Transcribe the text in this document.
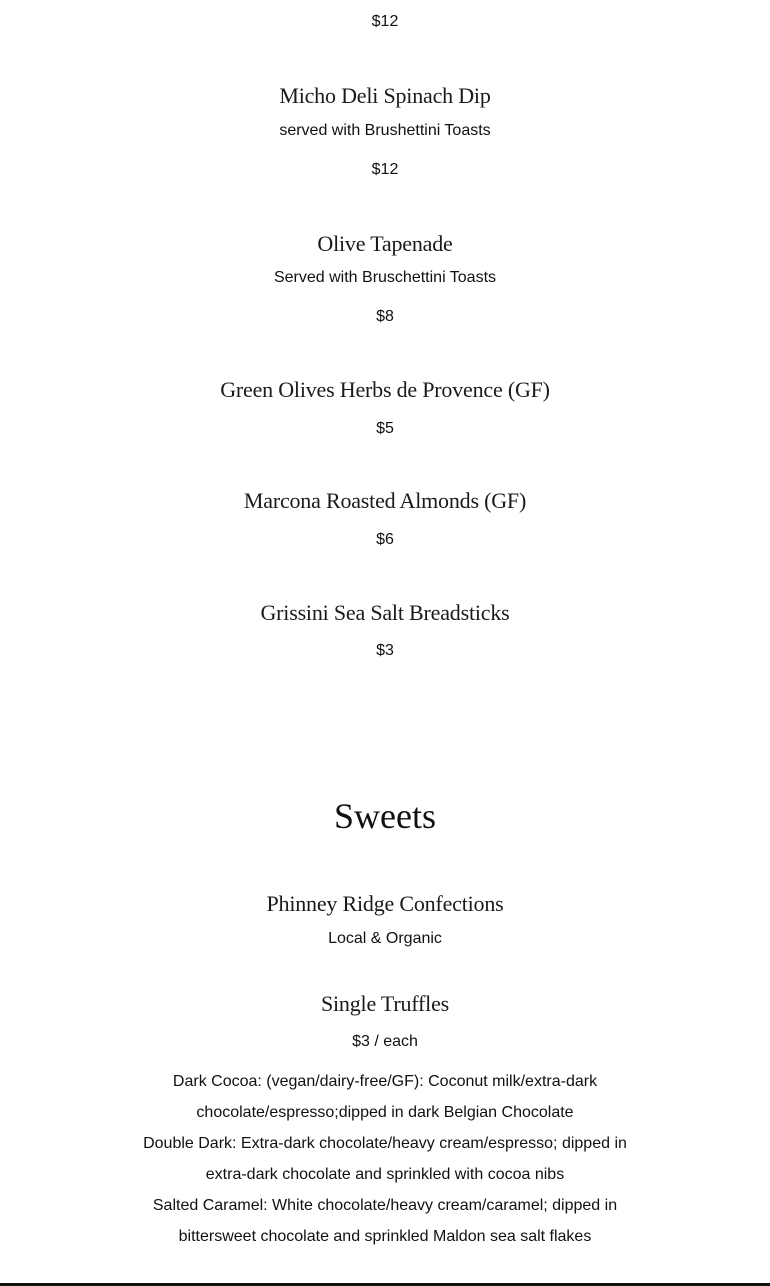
$12
Micho Deli Spinach Dip
served with Brushettini Toasts
$12
Olive Tapenade
Served with Bruschettini Toasts
$8
Green Olives Herbs de Provence (GF)
$5
Marcona Roasted Almonds (GF)
$6
Grissini Sea Salt Breadsticks
$3
Sweets
Phinney Ridge Confections
Local & Organic
Single Truffles
$3 / each
Dark Cocoa: (vegan/dairy-free/GF): Coconut milk/extra-dark
chocolate/espresso;dipped in dark Belgian Chocolate
Double Dark: Extra-dark chocolate/heavy cream/espresso; dipped in
extra-dark chocolate and sprinkled with cocoa nibs
Salted Caramel: White chocolate/heavy cream/caramel; dipped in
bittersweet chocolate and sprinkled Maldon sea salt flakes
